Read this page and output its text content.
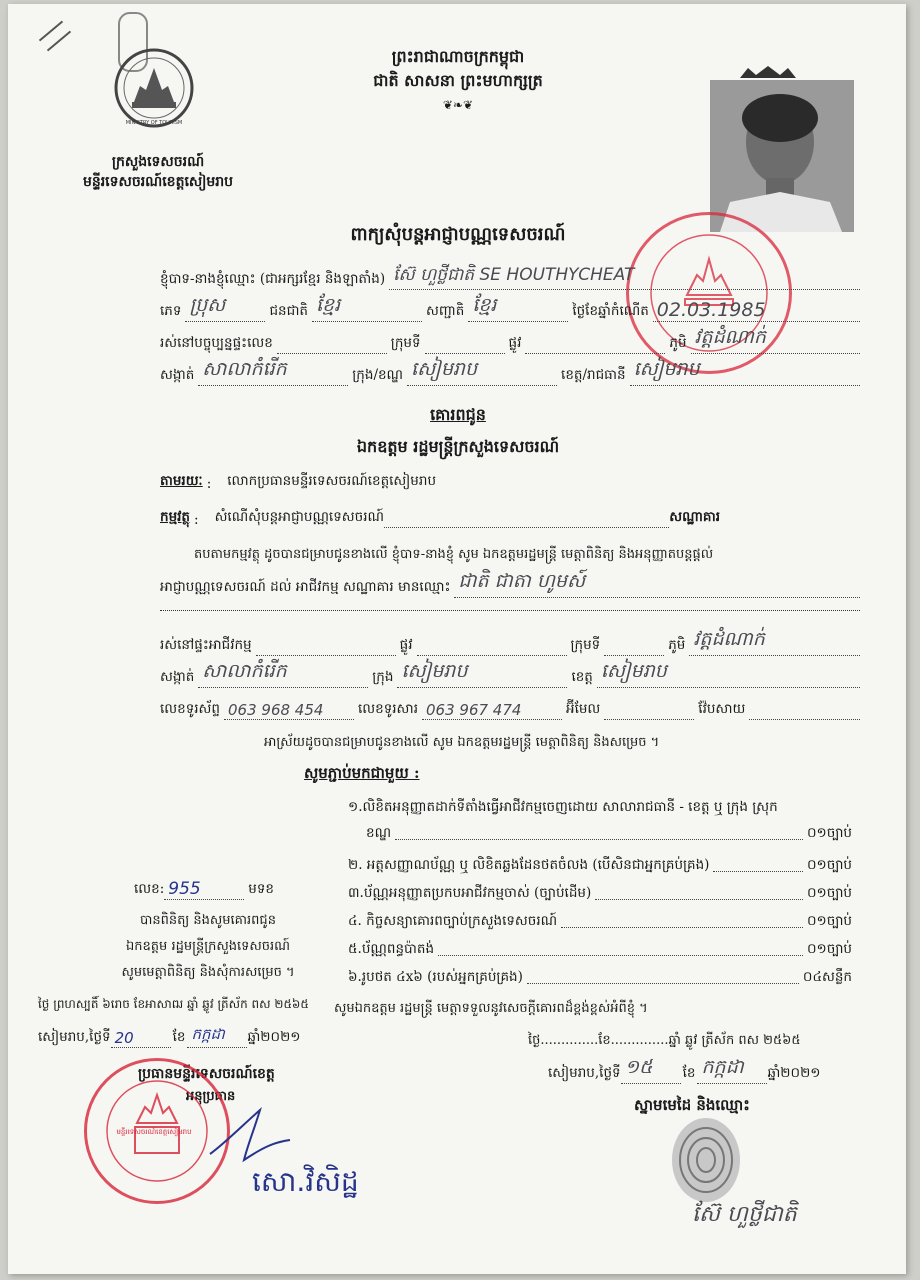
MINISTRY OF TOURISM
ក្រសួងទេសចរណ៍
មន្ទីរទេសចរណ៍ខេត្តសៀមរាប
ព្រះរាជាណាចក្រកម្ពុជា
ជាតិ សាសនា ព្រះមហាក្សត្រ
❦❧❦
ពាក្យសុំបន្តអាជ្ញាបណ្ណទេសចរណ៍
ខ្ញុំបាទ-នាងខ្ញុំឈ្មោះ (ជាអក្សរខ្មែរ និងឡាតាំង) ស៊ែ ហួថ្លីជាតិ SE HOUTHYCHEAT
ភេទ ប្រុស	ជនជាតិ ខ្មែរ	សញ្ជាតិ ខ្មែរ	ថ្ងៃខែឆ្នាំកំណើត 02.03.1985
រស់នៅបច្ចុប្បន្នផ្ទះលេខ	ក្រុមទី	ផ្លូវ	ភូមិ វត្តដំណាក់
សង្កាត់ សាលាកំរើក	ក្រុង/ខណ្ឌ សៀមរាប	ខេត្ត/រាជធានី សៀមរាប
គោរពជូន
ឯកឧត្តម រដ្ឋមន្ត្រីក្រសួងទេសចរណ៍
តាមរយៈ :	លោកប្រធានមន្ទីរទេសចរណ៍ខេត្តសៀមរាប
កម្មវត្ថុ :	សំណើសុំបន្តអាជ្ញាបណ្ណទេសចរណ៍	សណ្ឋាគារ
តបតាមកម្មវត្ថុ ដូចបានជម្រាបជូនខាងលើ ខ្ញុំបាទ-នាងខ្ញុំ សូម ឯកឧត្តមរដ្ឋមន្ត្រី មេត្តាពិនិត្យ និងអនុញ្ញាតបន្តផ្តល់
អាជ្ញាបណ្ណទេសចរណ៍ ដល់ អាជីវកម្ម សណ្ឋាគារ មានឈ្មោះ ជាតិ ជាតា ហូមស៍
រស់នៅផ្ទះអាជីវកម្ម	ផ្លូវ	ក្រុមទី	ភូមិ វត្តដំណាក់
សង្កាត់ សាលាកំរើក	ក្រុង សៀមរាប	ខេត្ត សៀមរាប
លេខទូរស័ព្ទ 063 968 454	លេខទូរសារ 063 967 474	អ៊ីមែល	វ៉ែបសាយ
អាស្រ័យដូចបានជម្រាបជូនខាងលើ សូម ឯកឧត្តមរដ្ឋមន្ត្រី មេត្តាពិនិត្យ និងសម្រេច ។
សូមភ្ជាប់មកជាមួយ :
១.លិខិតអនុញ្ញាតដាក់ទីតាំងធ្វើអាជីវកម្មចេញដោយ សាលារាជធានី - ខេត្ត ឬ ក្រុង ស្រុក
ខណ្ឌ	០១ច្បាប់
២. អត្តសញ្ញាណប័ណ្ណ ឬ លិខិតឆ្លងដែនថតចំលង (បើសិនជាអ្នកគ្រប់គ្រង)	០១ច្បាប់
៣.ប័ណ្ណអនុញ្ញាតប្រកបអាជីវកម្មចាស់ (ច្បាប់ដើម)	០១ច្បាប់
៤. កិច្ចសន្យាគោរពច្បាប់ក្រសួងទេសចរណ៍	០១ច្បាប់
៥.ប័ណ្ណពន្ធប៉ាតង់	០១ច្បាប់
៦.រូបថត ៤x៦ (របស់អ្នកគ្រប់គ្រង)	០៤សន្លឹក
សូមឯកឧត្តម រដ្ឋមន្ត្រី មេត្តាទទួលនូវសេចក្តីគោរពដ៏ខ្ពង់ខ្ពស់អំពីខ្ញុំ ។
ថ្ងៃ..............ខែ..............ឆ្នាំ ឆ្លូវ ត្រីស័ក ពស ២៥៦៥
សៀមរាប,ថ្ងៃទី ១៥ ខែ កក្កដា ឆ្នាំ២០២១
ស្នាមមេដៃ និងឈ្មោះ
ស៊ែ ហួថ្លីជាតិ
លេខ: 955	មទខ
បានពិនិត្យ និងសូមគោរពជូន
ឯកឧត្តម រដ្ឋមន្ត្រីក្រសួងទេសចរណ៍
សូមមេត្តាពិនិត្យ និងសុំការសម្រេច ។
ថ្ងៃ ព្រហស្បតិ៍ ៦រោច ខែអាសាឍ ឆ្នាំ ឆ្លូវ ត្រីស័ក ពស ២៥៦៥
សៀមរាប,ថ្ងៃទី 20	ខែ កក្កដា ឆ្នាំ២០២១
ប្រធានមន្ទីរទេសចរណ៍ខេត្ត
អនុប្រធាន
មន្ទីរទេសចរណ៍ខេត្តសៀមរាប
សោ.វិសិដ្ឋ
